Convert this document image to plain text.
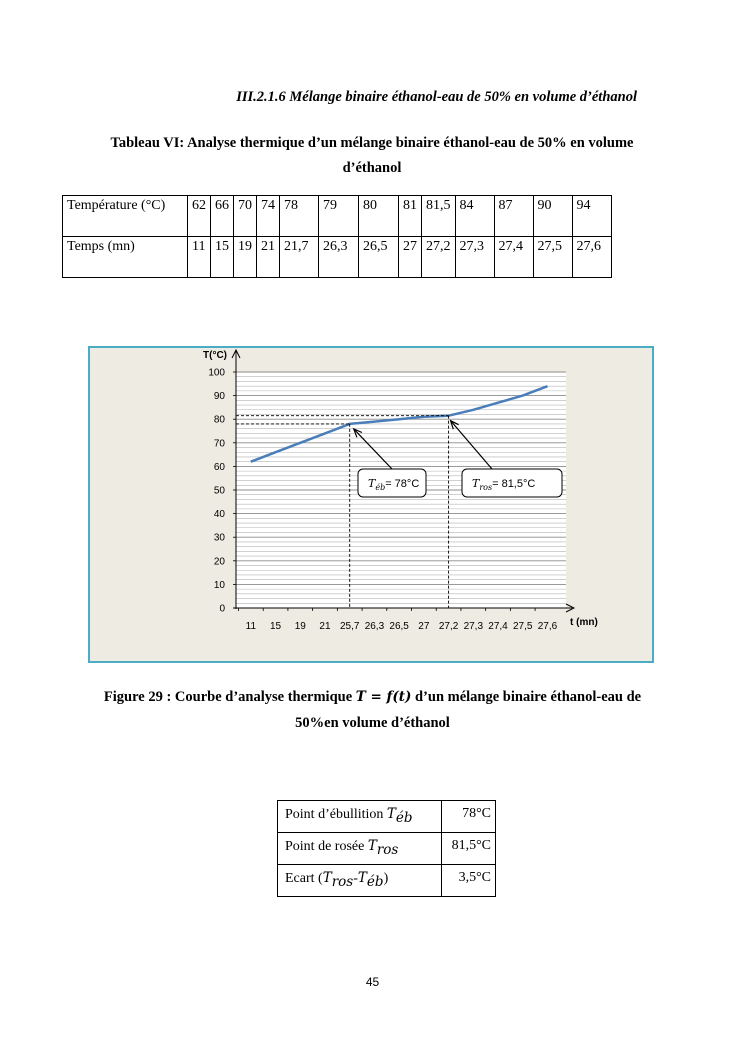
III.2.1.6 Mélange binaire éthanol-eau de 50% en volume d’éthanol
Tableau VI: Analyse thermique d’un mélange binaire éthanol-eau de 50% en volume
d’éthanol
Température (°C)	62	66	70	74	78	79	80	81	81,5	84	87	90	94
Temps (mn)	11	15	19	21	21,7	26,3	26,5	27	27,2	27,3	27,4	27,5	27,6
T(°C)
t (mn)
0
10
20
30
40
50
60
70
80
90
100
11 15 19 21 25,7 26,3 26,5 27 27,2 27,3 27,4 27,5 27,6
$T_{éb}= 78^\circ C$	$T_{ros}= 81,5^\circ C$
Figure 29 : Courbe d’analyse thermique T = f(t) d’un mélange binaire éthanol-eau de
50%en volume d’éthanol
Point d’ébullition $T_{éb}$	78°C
Point de rosée $T_{ros}$	81,5°C
Ecart $(T_{ros}-T_{éb})$	3,5°C
45
